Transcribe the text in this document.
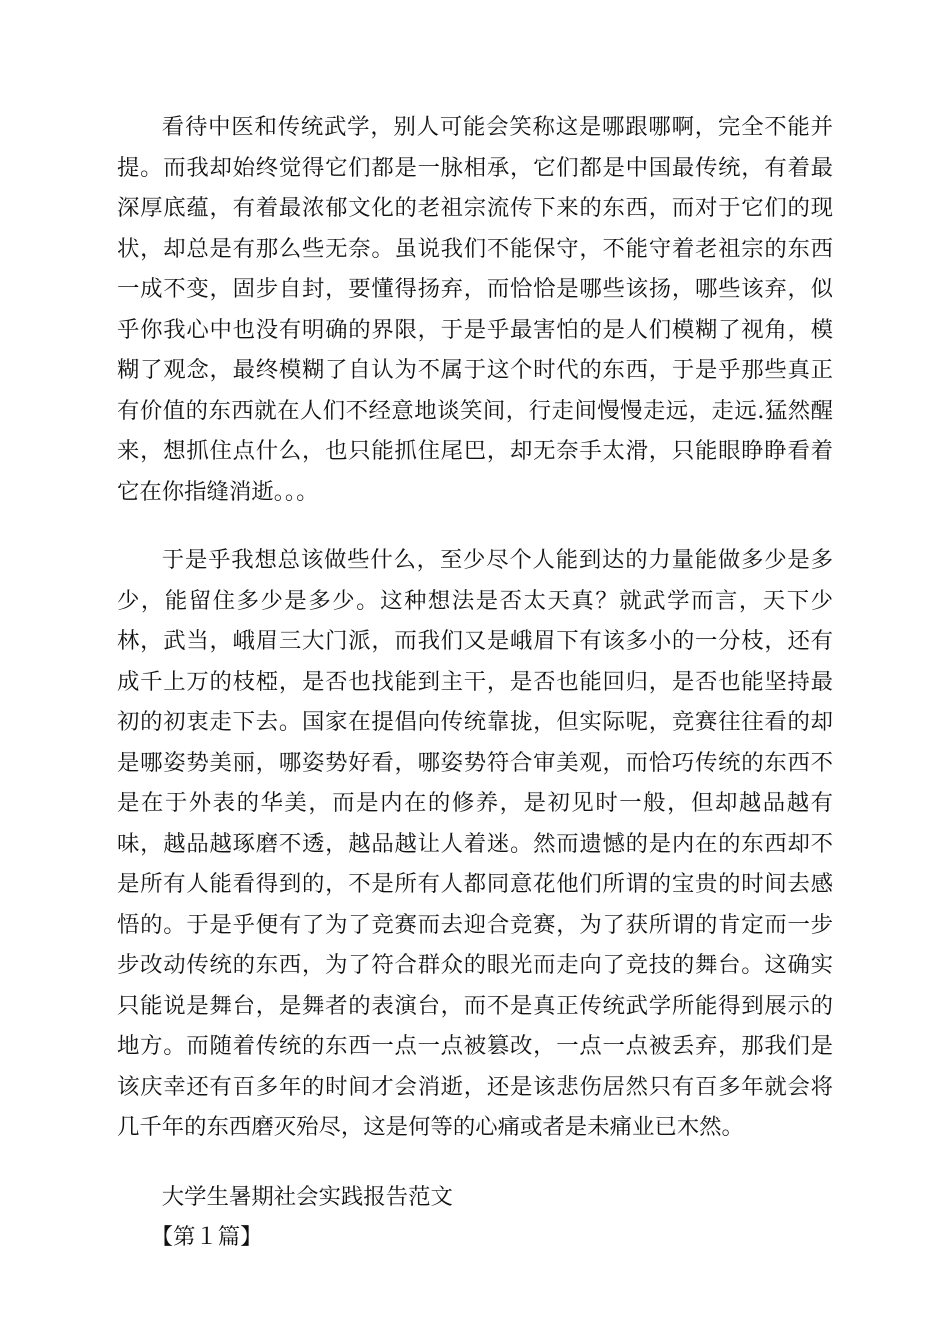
看待中医和传统武学，别人可能会笑称这是哪跟哪啊，完全不能并提。而我却始终觉得它们都是一脉相承，它们都是中国最传统，有着最深厚底蕴，有着最浓郁文化的老祖宗流传下来的东西，而对于它们的现状，却总是有那么些无奈。虽说我们不能保守，不能守着老祖宗的东西一成不变，固步自封，要懂得扬弃，而恰恰是哪些该扬，哪些该弃，似乎你我心中也没有明确的界限，于是乎最害怕的是人们模糊了视角，模糊了观念，最终模糊了自认为不属于这个时代的东西，于是乎那些真正有价值的东西就在人们不经意地谈笑间，行走间慢慢走远，走远.猛然醒来，想抓住点什么，也只能抓住尾巴，却无奈手太滑，只能眼睁睁看着它在你指缝消逝。。。

于是乎我想总该做些什么，至少尽个人能到达的力量能做多少是多少，能留住多少是多少。这种想法是否太天真？就武学而言，天下少林，武当，峨眉三大门派，而我们又是峨眉下有该多小的一分枝，还有成千上万的枝椏，是否也找能到主干，是否也能回归，是否也能坚持最初的初衷走下去。国家在提倡向传统靠拢，但实际呢，竞赛往往看的却是哪姿势美丽，哪姿势好看，哪姿势符合审美观，而恰巧传统的东西不是在于外表的华美，而是内在的修养，是初见时一般，但却越品越有味，越品越琢磨不透，越品越让人着迷。然而遗憾的是内在的东西却不是所有人能看得到的，不是所有人都同意花他们所谓的宝贵的时间去感悟的。于是乎便有了为了竞赛而去迎合竞赛，为了获所谓的肯定而一步步改动传统的东西，为了符合群众的眼光而走向了竞技的舞台。这确实只能说是舞台，是舞者的表演台，而不是真正传统武学所能得到展示的地方。而随着传统的东西一点一点被篡改，一点一点被丢弃，那我们是该庆幸还有百多年的时间才会消逝，还是该悲伤居然只有百多年就会将几千年的东西磨灭殆尽，这是何等的心痛或者是未痛业已木然。

大学生暑期社会实践报告范文

【第１篇】
